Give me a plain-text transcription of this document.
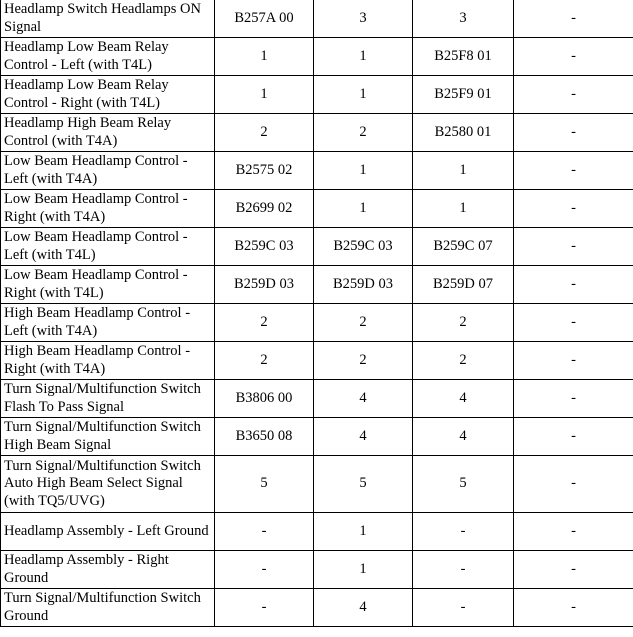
Headlamp Switch Headlamps ON Signal	B257A 00	3	3	-
Headlamp Low Beam Relay Control - Left (with T4L)	1	1	B25F8 01	-
Headlamp Low Beam Relay Control - Right (with T4L)	1	1	B25F9 01	-
Headlamp High Beam Relay Control (with T4A)	2	2	B2580 01	-
Low Beam Headlamp Control - Left (with T4A)	B2575 02	1	1	-
Low Beam Headlamp Control - Right (with T4A)	B2699 02	1	1	-
Low Beam Headlamp Control - Left (with T4L)	B259C 03	B259C 03	B259C 07	-
Low Beam Headlamp Control - Right (with T4L)	B259D 03	B259D 03	B259D 07	-
High Beam Headlamp Control - Left (with T4A)	2	2	2	-
High Beam Headlamp Control - Right (with T4A)	2	2	2	-
Turn Signal/Multifunction Switch Flash To Pass Signal	B3806 00	4	4	-
Turn Signal/Multifunction Switch High Beam Signal	B3650 08	4	4	-
Turn Signal/Multifunction Switch Auto High Beam Select Signal (with TQ5/UVG)	5	5	5	-
Headlamp Assembly - Left Ground	-	1	-	-
Headlamp Assembly - Right Ground	-	1	-	-
Turn Signal/Multifunction Switch Ground	-	4	-	-
